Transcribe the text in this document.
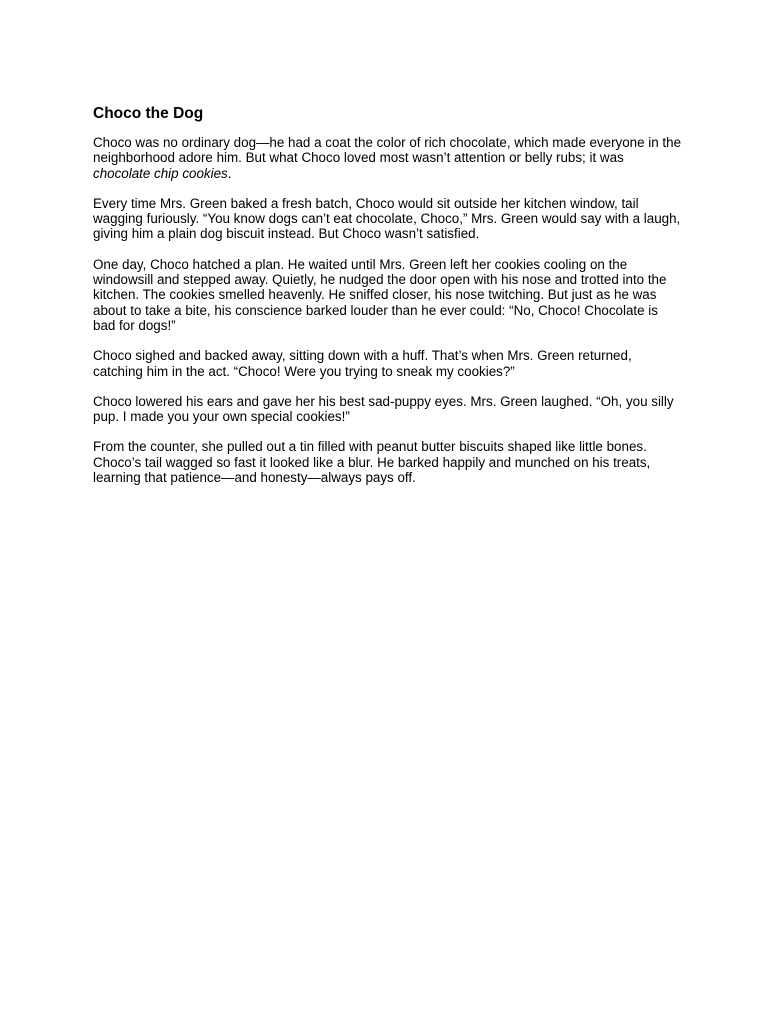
Choco the Dog

Choco was no ordinary dog—he had a coat the color of rich chocolate, which made everyone in the neighborhood adore him. But what Choco loved most wasn’t attention or belly rubs; it was chocolate chip cookies.

Every time Mrs. Green baked a fresh batch, Choco would sit outside her kitchen window, tail wagging furiously. “You know dogs can’t eat chocolate, Choco,” Mrs. Green would say with a laugh, giving him a plain dog biscuit instead. But Choco wasn’t satisfied.

One day, Choco hatched a plan. He waited until Mrs. Green left her cookies cooling on the windowsill and stepped away. Quietly, he nudged the door open with his nose and trotted into the kitchen. The cookies smelled heavenly. He sniffed closer, his nose twitching. But just as he was about to take a bite, his conscience barked louder than he ever could: “No, Choco! Chocolate is bad for dogs!”

Choco sighed and backed away, sitting down with a huff. That’s when Mrs. Green returned, catching him in the act. “Choco! Were you trying to sneak my cookies?”

Choco lowered his ears and gave her his best sad-puppy eyes. Mrs. Green laughed. “Oh, you silly pup. I made you your own special cookies!”

From the counter, she pulled out a tin filled with peanut butter biscuits shaped like little bones. Choco’s tail wagged so fast it looked like a blur. He barked happily and munched on his treats, learning that patience—and honesty—always pays off.
